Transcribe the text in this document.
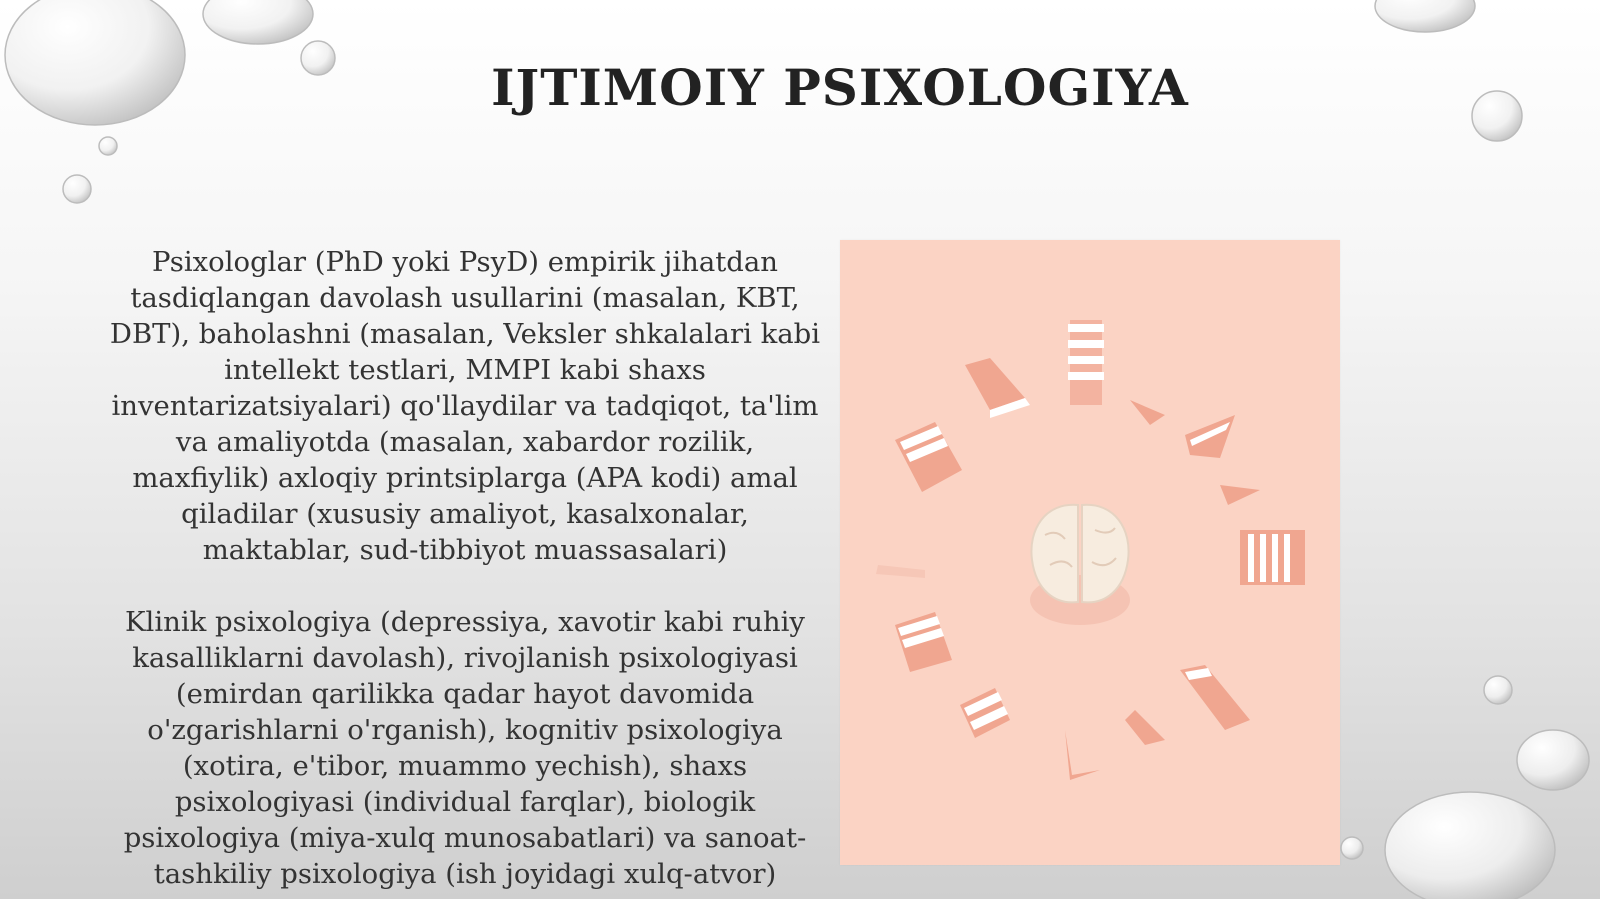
IJTIMOIY PSIXOLOGIYA

Psixologlar (PhD yoki PsyD) empirik jihatdan tasdiqlangan davolash usullarini (masalan, KBT, DBT), baholashni (masalan, Veksler shkalalari kabi intellekt testlari, MMPI kabi shaxs inventarizatsiyalari) qo'llaydilar va tadqiqot, ta'lim va amaliyotda (masalan, xabardor rozilik, maxfiylik) axloqiy printsiplarga (APA kodi) amal qiladilar (xususiy amaliyot, kasalxonalar, maktablar, sud-tibbiyot muassasalari)

Klinik psixologiya (depressiya, xavotir kabi ruhiy kasalliklarni davolash), rivojlanish psixologiyasi (emirdan qarilikka qadar hayot davomida o'zgarishlarni o'rganish), kognitiv psixologiya (xotira, e'tibor, muammo yechish), shaxs psixologiyasi (individual farqlar), biologik psixologiya (miya-xulq munosabatlari) va sanoat-tashkiliy psixologiya (ish joyidagi xulq-atvor)
